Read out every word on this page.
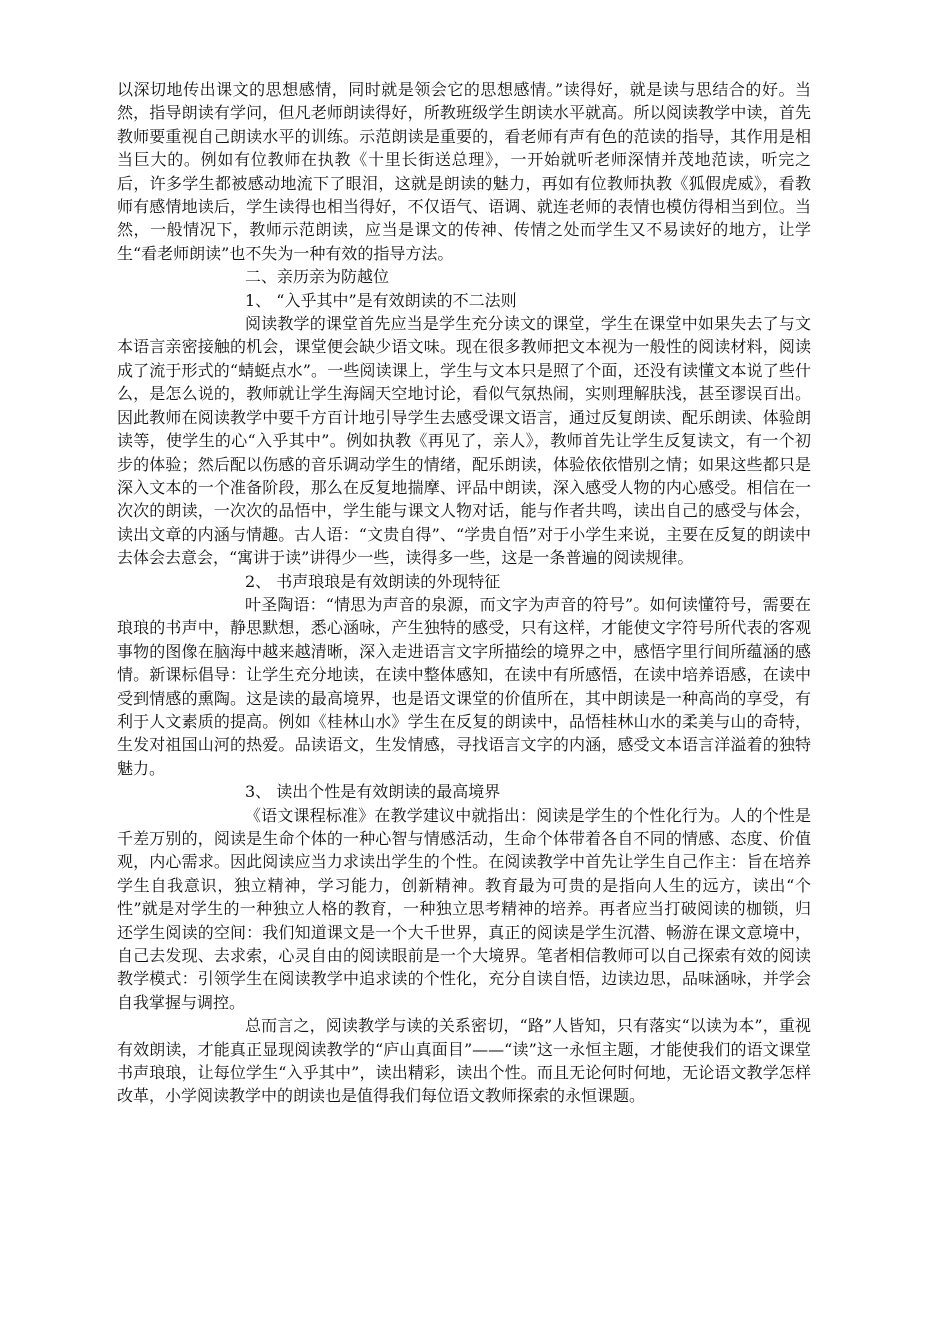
以深切地传出课文的思想感情，同时就是领会它的思想感情。”读得好，就是读与思结合的好。当然，指导朗读有学问，但凡老师朗读得好，所教班级学生朗读水平就高。所以阅读教学中读，首先教师要重视自己朗读水平的训练。示范朗读是重要的，看老师有声有色的范读的指导，其作用是相当巨大的。例如有位教师在执教《十里长街送总理》，一开始就听老师深情并茂地范读，听完之后，许多学生都被感动地流下了眼泪，这就是朗读的魅力，再如有位教师执教《狐假虎威》，看教师有感情地读后，学生读得也相当得好，不仅语气、语调、就连老师的表情也模仿得相当到位。当然，一般情况下，教师示范朗读，应当是课文的传神、传情之处而学生又不易读好的地方，让学生“看老师朗读”也不失为一种有效的指导方法。

二、亲历亲为防越位

1、 “入乎其中”是有效朗读的不二法则

阅读教学的课堂首先应当是学生充分读文的课堂，学生在课堂中如果失去了与文本语言亲密接触的机会，课堂便会缺少语文味。现在很多教师把文本视为一般性的阅读材料，阅读成了流于形式的“蜻蜓点水”。一些阅读课上，学生与文本只是照了个面，还没有读懂文本说了些什么，是怎么说的，教师就让学生海阔天空地讨论，看似气氛热闹，实则理解肤浅，甚至谬误百出。因此教师在阅读教学中要千方百计地引导学生去感受课文语言，通过反复朗读、配乐朗读、体验朗读等，使学生的心“入乎其中”。例如执教《再见了，亲人》，教师首先让学生反复读文，有一个初步的体验；然后配以伤感的音乐调动学生的情绪，配乐朗读，体验依依惜别之情；如果这些都只是深入文本的一个准备阶段，那么在反复地揣摩、评品中朗读，深入感受人物的内心感受。相信在一次次的朗读，一次次的品悟中，学生能与课文人物对话，能与作者共鸣，读出自己的感受与体会，读出文章的内涵与情趣。古人语：“文贵自得”、“学贵自悟”对于小学生来说，主要在反复的朗读中去体会去意会，“寓讲于读”讲得少一些，读得多一些，这是一条普遍的阅读规律。

2、 书声琅琅是有效朗读的外现特征

叶圣陶语：“情思为声音的泉源，而文字为声音的符号”。如何读懂符号，需要在琅琅的书声中，静思默想，悉心涵咏，产生独特的感受，只有这样，才能使文字符号所代表的客观事物的图像在脑海中越来越清晰，深入走进语言文字所描绘的境界之中，感悟字里行间所蕴涵的感情。新课标倡导：让学生充分地读，在读中整体感知，在读中有所感悟，在读中培养语感，在读中受到情感的熏陶。这是读的最高境界，也是语文课堂的价值所在，其中朗读是一种高尚的享受，有利于人文素质的提高。例如《桂林山水》学生在反复的朗读中，品悟桂林山水的柔美与山的奇特，生发对祖国山河的热爱。品读语文，生发情感，寻找语言文字的内涵，感受文本语言洋溢着的独特魅力。

3、 读出个性是有效朗读的最高境界

《语文课程标准》在教学建议中就指出：阅读是学生的个性化行为。人的个性是千差万别的，阅读是生命个体的一种心智与情感活动，生命个体带着各自不同的情感、态度、价值观，内心需求。因此阅读应当力求读出学生的个性。在阅读教学中首先让学生自己作主：旨在培养学生自我意识，独立精神，学习能力，创新精神。教育最为可贵的是指向人生的远方，读出“个性”就是对学生的一种独立人格的教育，一种独立思考精神的培养。再者应当打破阅读的枷锁，归还学生阅读的空间：我们知道课文是一个大千世界，真正的阅读是学生沉潜、畅游在课文意境中，自己去发现、去求索，心灵自由的阅读眼前是一个大境界。笔者相信教师可以自己探索有效的阅读教学模式：引领学生在阅读教学中追求读的个性化，充分自读自悟，边读边思，品味涵咏，并学会自我掌握与调控。

总而言之，阅读教学与读的关系密切，“路”人皆知，只有落实“以读为本”，重视有效朗读，才能真正显现阅读教学的“庐山真面目”——“读”这一永恒主题，才能使我们的语文课堂书声琅琅，让每位学生“入乎其中”，读出精彩，读出个性。而且无论何时何地，无论语文教学怎样改革，小学阅读教学中的朗读也是值得我们每位语文教师探索的永恒课题。
